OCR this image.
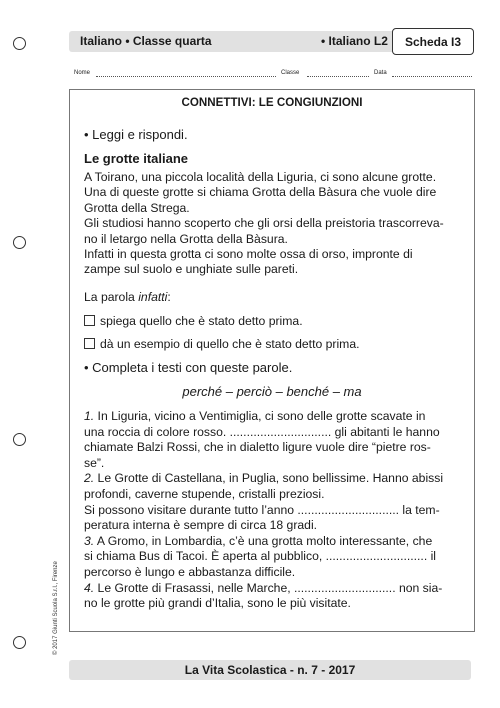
Italiano • Classe quarta	• Italiano L2	Scheda I3
Nome	Classe	Data
CONNETTIVI: LE CONGIUNZIONI
• Leggi e rispondi.
Le grotte italiane
A Toirano, una piccola località della Liguria, ci sono alcune grotte.
Una di queste grotte si chiama Grotta della Bàsura che vuole dire
Grotta della Strega.
Gli studiosi hanno scoperto che gli orsi della preistoria trascorreva-
no il letargo nella Grotta della Bàsura.
Infatti in questa grotta ci sono molte ossa di orso, impronte di
zampe sul suolo e unghiate sulle pareti.
La parola infatti:
spiega quello che è stato detto prima.
dà un esempio di quello che è stato detto prima.
• Completa i testi con queste parole.
perché – perciò – benché – ma
1. In Liguria, vicino a Ventimiglia, ci sono delle grotte scavate in
una roccia di colore rosso. .............................. gli abitanti le hanno
chiamate Balzi Rossi, che in dialetto ligure vuole dire “pietre ros-
se”.
2. Le Grotte di Castellana, in Puglia, sono bellissime. Hanno abissi
profondi, caverne stupende, cristalli preziosi.
Si possono visitare durante tutto l’anno .............................. la tem-
peratura interna è sempre di circa 18 gradi.
3. A Gromo, in Lombardia, c’è una grotta molto interessante, che
si chiama Bus di Tacoi. È aperta al pubblico, .............................. il
percorso è lungo e abbastanza difficile.
4. Le Grotte di Frasassi, nelle Marche, .............................. non sia-
no le grotte più grandi d’Italia, sono le più visitate.
© 2017 Giunti Scuola S.r.l., Firenze
La Vita Scolastica - n. 7 - 2017
